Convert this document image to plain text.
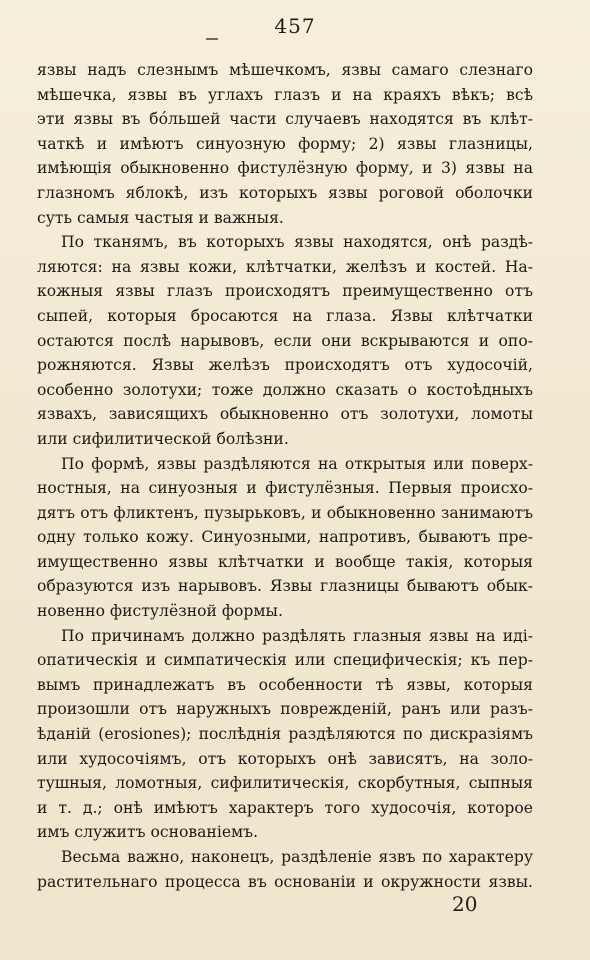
457
язвы надъ слезнымъ мѣшечкомъ, язвы самаго слезнаго
мѣшечка, язвы въ углахъ глазъ и на краяхъ вѣкъ; всѣ
эти язвы въ бóльшей части случаевъ находятся въ клѣт-
чаткѣ и имѣютъ синуозную форму; 2) язвы глазницы,
имѣющія обыкновенно фистулёзную форму, и 3) язвы на
глазномъ яблокѣ, изъ которыхъ язвы роговой оболочки
суть самыя частыя и важныя.
По тканямъ, въ которыхъ язвы находятся, онѣ раздѣ-
ляются: на язвы кожи, клѣтчатки, желѣзъ и костей. На-
кожныя язвы глазъ происходятъ преимущественно отъ
сыпей, которыя бросаются на глаза. Язвы клѣтчатки
остаются послѣ нарывовъ, если они вскрываются и опо-
рожняются. Язвы желѣзъ происходятъ отъ худосочій,
особенно золотухи; тоже должно сказать о костоѣдныхъ
язвахъ, зависящихъ обыкновенно отъ золотухи, ломоты
или сифилитической болѣзни.
По формѣ, язвы раздѣляются на открытыя или поверх-
ностныя, на синуозныя и фистулёзныя. Первыя происхо-
дятъ отъ фликтенъ, пузырьковъ, и обыкновенно занимаютъ
одну только кожу. Синуозными, напротивъ, бываютъ пре-
имущественно язвы клѣтчатки и вообще такія, которыя
образуются изъ нарывовъ. Язвы глазницы бываютъ обык-
новенно фистулёзной формы.
По причинамъ должно раздѣлять глазныя язвы на иді-
опатическія и симпатическія или специфическія; къ пер-
вымъ принадлежатъ въ особенности тѣ язвы, которыя
произошли отъ наружныхъ поврежденій, ранъ или разъ-
ѣданій (erosiones); послѣднія раздѣляются по дискразіямъ
или худосочіямъ, отъ которыхъ онѣ зависятъ, на золо-
тушныя, ломотныя, сифилитическія, скорбутныя, сыпныя
и т. д.; онѣ имѣютъ характеръ того худосочія, которое
имъ служитъ основаніемъ.
Весьма важно, наконецъ, раздѣленіе язвъ по характеру
растительнаго процесса въ основаніи и окружности язвы.
20
